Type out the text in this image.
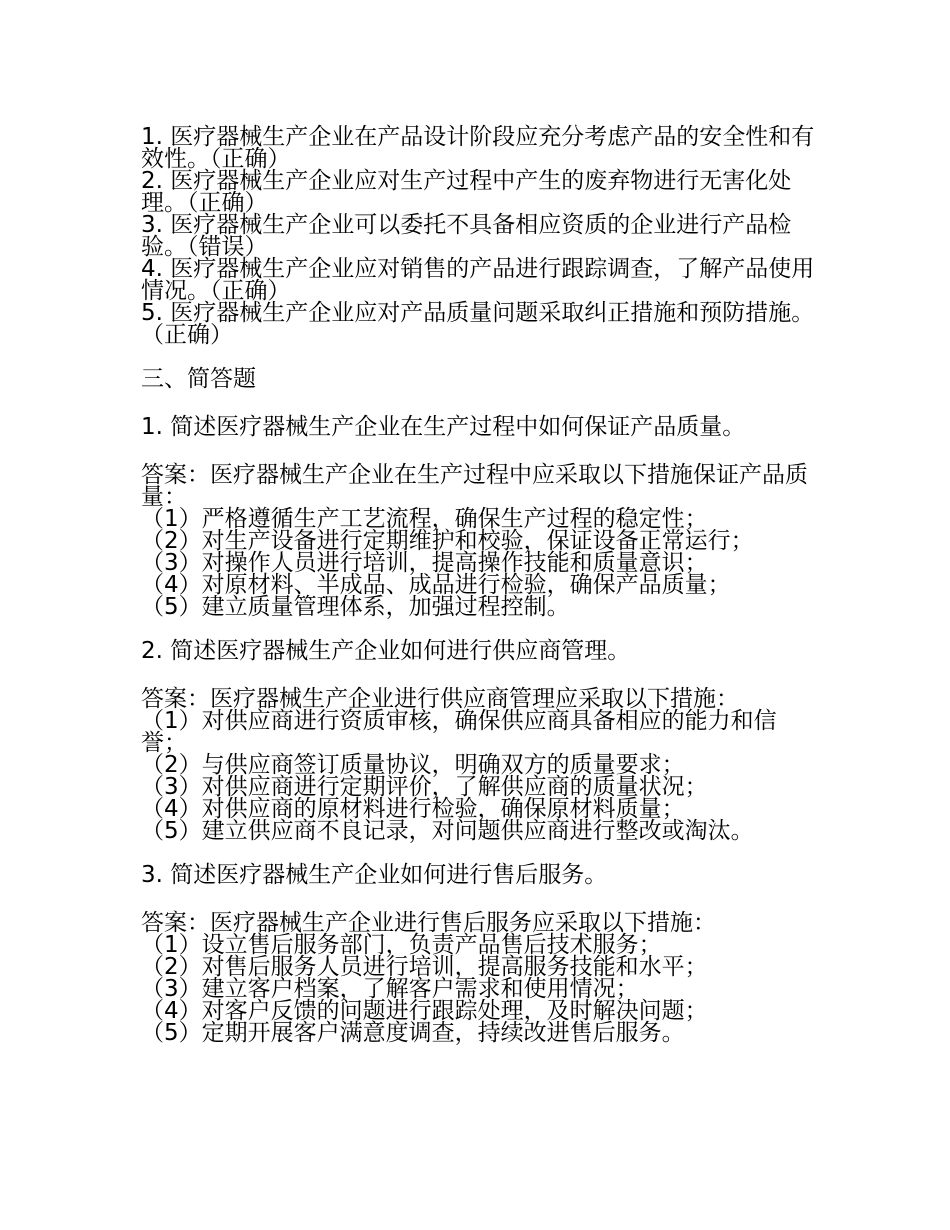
1. 医疗器械生产企业在产品设计阶段应充分考虑产品的安全性和有效性。（正确）

2. 医疗器械生产企业应对生产过程中产生的废弃物进行无害化处理。（正确）

3. 医疗器械生产企业可以委托不具备相应资质的企业进行产品检验。（错误）

4. 医疗器械生产企业应对销售的产品进行跟踪调查，了解产品使用情况。（正确）

5. 医疗器械生产企业应对产品质量问题采取纠正措施和预防措施。（正确）

三、简答题

1. 简述医疗器械生产企业在生产过程中如何保证产品质量。

答案：医疗器械生产企业在生产过程中应采取以下措施保证产品质量：

（1）严格遵循生产工艺流程，确保生产过程的稳定性；

（2）对生产设备进行定期维护和校验，保证设备正常运行；

（3）对操作人员进行培训，提高操作技能和质量意识；

（4）对原材料、半成品、成品进行检验，确保产品质量；

（5）建立质量管理体系，加强过程控制。

2. 简述医疗器械生产企业如何进行供应商管理。

答案：医疗器械生产企业进行供应商管理应采取以下措施：

（1）对供应商进行资质审核，确保供应商具备相应的能力和信誉；

（2）与供应商签订质量协议，明确双方的质量要求；

（3）对供应商进行定期评价，了解供应商的质量状况；

（4）对供应商的原材料进行检验，确保原材料质量；

（5）建立供应商不良记录，对问题供应商进行整改或淘汰。

3. 简述医疗器械生产企业如何进行售后服务。

答案：医疗器械生产企业进行售后服务应采取以下措施：

（1）设立售后服务部门，负责产品售后技术服务；

（2）对售后服务人员进行培训，提高服务技能和水平；

（3）建立客户档案，了解客户需求和使用情况；

（4）对客户反馈的问题进行跟踪处理，及时解决问题；

（5）定期开展客户满意度调查，持续改进售后服务。
